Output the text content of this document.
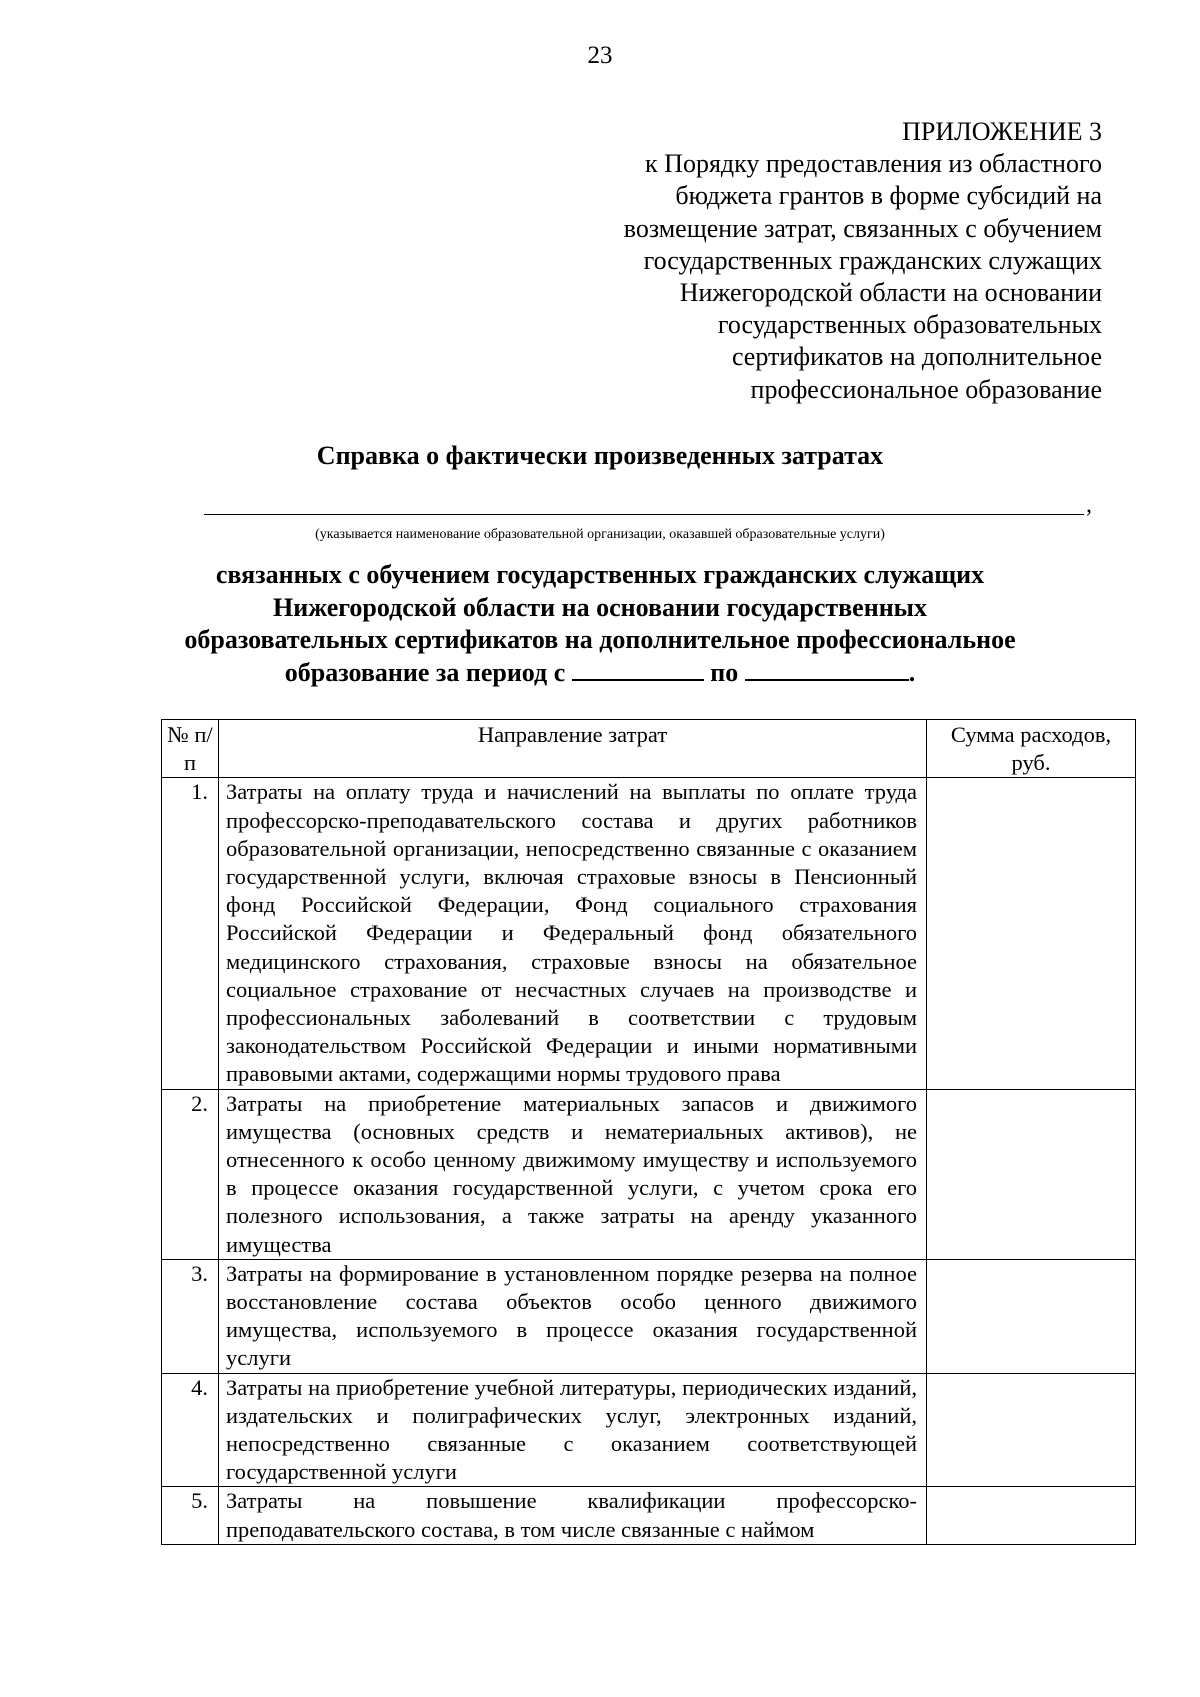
23
ПРИЛОЖЕНИЕ 3
к Порядку предоставления из областного
бюджета грантов в форме субсидий на
возмещение затрат, связанных с обучением
государственных гражданских служащих
Нижегородской области на основании
государственных образовательных
сертификатов на дополнительное
профессиональное образование
Справка о фактически произведенных затратах
,
(указывается наименование образовательной организации, оказавшей образовательные услуги)
связанных с обучением государственных гражданских служащих
Нижегородской области на основании государственных
образовательных сертификатов на дополнительное профессиональное
образование за период с	по	.
№ п/п	Направление затрат	Сумма расходов, руб.
1.	Затраты на оплату труда и начислений на выплаты по оплате труда профессорско-преподавательского состава и других работников образовательной организации, непосредственно связанные с оказанием государственной услуги, включая страховые взносы в Пенсионный фонд Российской Федерации, Фонд социального страхования Российской Федерации и Федеральный фонд обязательного медицинского страхования, страховые взносы на обязательное социальное страхование от несчастных случаев на производстве и профессиональных заболеваний в соответствии с трудовым законодательством Российской Федерации и иными нормативными правовыми актами, содержащими нормы трудового права	
2.	Затраты на приобретение материальных запасов и движимого имущества (основных средств и нематериальных активов), не отнесенного к особо ценному движимому имуществу и используемого в процессе оказания государственной услуги, с учетом срока его полезного использования, а также затраты на аренду указанного имущества	
3.	Затраты на формирование в установленном порядке резерва на полное восстановление состава объектов особо ценного движимого имущества, используемого в процессе оказания государственной услуги	
4.	Затраты на приобретение учебной литературы, периодических изданий, издательских и полиграфических услуг, электронных изданий, непосредственно связанные с оказанием соответствующей государственной услуги	
5.	Затраты на повышение квалификации профессорско-преподавательского состава, в том числе связанные с наймом	
